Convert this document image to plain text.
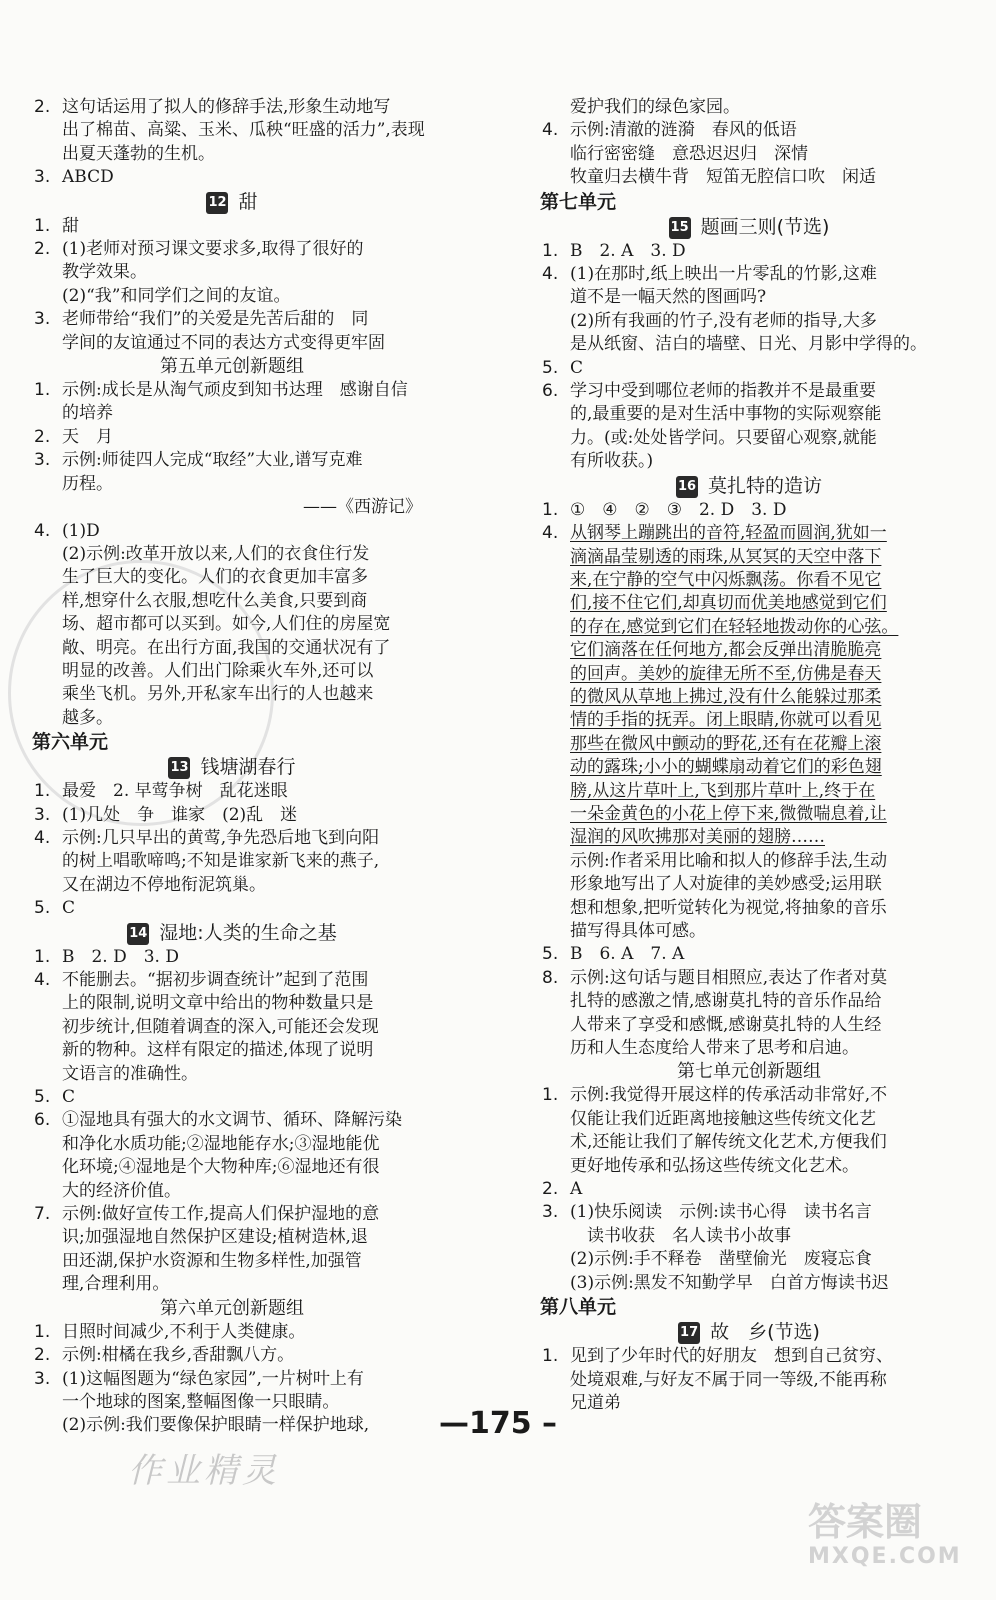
2. 这句话运用了拟人的修辞手法,形象生动地写
出了棉苗、高粱、玉米、瓜秧“旺盛的活力”,表现
出夏天蓬勃的生机。
3. ABCD
12 甜
1. 甜
2. (1)老师对预习课文要求多,取得了很好的
教学效果。
(2)“我”和同学们之间的友谊。
3. 老师带给“我们”的关爱是先苦后甜的　同
学间的友谊通过不同的表达方式变得更牢固
第五单元创新题组
1. 示例:成长是从淘气顽皮到知书达理　感谢自信
的培养
2. 天　月
3. 示例:师徒四人完成“取经”大业,谱写克难
历程。
——《西游记》
4. (1)D
(2)示例:改革开放以来,人们的衣食住行发
生了巨大的变化。人们的衣食更加丰富多
样,想穿什么衣服,想吃什么美食,只要到商
场、超市都可以买到。如今,人们住的房屋宽
敞、明亮。在出行方面,我国的交通状况有了
明显的改善。人们出门除乘火车外,还可以
乘坐飞机。另外,开私家车出行的人也越来
越多。
第六单元
13 钱塘湖春行
1. 最爱　2. 早莺争树　乱花迷眼
3. (1)几处　争　谁家　(2)乱　迷
4. 示例:几只早出的黄莺,争先恐后地飞到向阳
的树上唱歌啼鸣;不知是谁家新飞来的燕子,
又在湖边不停地衔泥筑巢。
5. C
14 湿地:人类的生命之基
1. B　2. D　3. D
4. 不能删去。“据初步调查统计”起到了范围
上的限制,说明文章中给出的物种数量只是
初步统计,但随着调查的深入,可能还会发现
新的物种。这样有限定的描述,体现了说明
文语言的准确性。
5. C
6. ①湿地具有强大的水文调节、循环、降解污染
和净化水质功能;②湿地能存水;③湿地能优
化环境;④湿地是个大物种库;⑥湿地还有很
大的经济价值。
7. 示例:做好宣传工作,提高人们保护湿地的意
识;加强湿地自然保护区建设;植树造林,退
田还湖,保护水资源和生物多样性,加强管
理,合理利用。
第六单元创新题组
1. 日照时间减少,不利于人类健康。
2. 示例:柑橘在我乡,香甜飘八方。
3. (1)这幅图题为“绿色家园”,一片树叶上有
一个地球的图案,整幅图像一只眼睛。
(2)示例:我们要像保护眼睛一样保护地球,
爱护我们的绿色家园。
4. 示例:清澈的涟漪　春风的低语
临行密密缝　意恐迟迟归　深情
牧童归去横牛背　短笛无腔信口吹　闲适
第七单元
15 题画三则(节选)
1. B　2. A　3. D
4. (1)在那时,纸上映出一片零乱的竹影,这难
道不是一幅天然的图画吗?
(2)所有我画的竹子,没有老师的指导,大多
是从纸窗、洁白的墙壁、日光、月影中学得的。
5. C
6. 学习中受到哪位老师的指教并不是最重要
的,最重要的是对生活中事物的实际观察能
力。(或:处处皆学问。只要留心观察,就能
有所收获。)
16 莫扎特的造访
1. ①　④　②　③　2. D　3. D
4. 从钢琴上蹦跳出的音符,轻盈而圆润,犹如一
滴滴晶莹剔透的雨珠,从冥冥的天空中落下
来,在宁静的空气中闪烁飘荡。你看不见它
们,接不住它们,却真切而优美地感觉到它们
的存在,感觉到它们在轻轻地拨动你的心弦。
它们滴落在任何地方,都会反弹出清脆脆亮
的回声。美妙的旋律无所不至,仿佛是春天
的微风从草地上拂过,没有什么能躲过那柔
情的手指的抚弄。闭上眼睛,你就可以看见
那些在微风中颤动的野花,还有在花瓣上滚
动的露珠;小小的蝴蝶扇动着它们的彩色翅
膀,从这片草叶上,飞到那片草叶上,终于在
一朵金黄色的小花上停下来,微微喘息着,让
湿润的风吹拂那对美丽的翅膀……
示例:作者采用比喻和拟人的修辞手法,生动
形象地写出了人对旋律的美妙感受;运用联
想和想象,把听觉转化为视觉,将抽象的音乐
描写得具体可感。
5. B　6. A　7. A
8. 示例:这句话与题目相照应,表达了作者对莫
扎特的感激之情,感谢莫扎特的音乐作品给
人带来了享受和感慨,感谢莫扎特的人生经
历和人生态度给人带来了思考和启迪。
第七单元创新题组
1. 示例:我觉得开展这样的传承活动非常好,不
仅能让我们近距离地接触这些传统文化艺
术,还能让我们了解传统文化艺术,方便我们
更好地传承和弘扬这些传统文化艺术。
2. A
3. (1)快乐阅读　示例:读书心得　读书名言
　读书收获　名人读书小故事
(2)示例:手不释卷　凿壁偷光　废寝忘食
(3)示例:黑发不知勤学早　白首方悔读书迟
第八单元
17 故　乡(节选)
1. 见到了少年时代的好朋友　想到自己贫穷、
处境艰难,与好友不属于同一等级,不能再称
兄道弟
—175 –
作业精灵
答案圈
MXQE.COM
